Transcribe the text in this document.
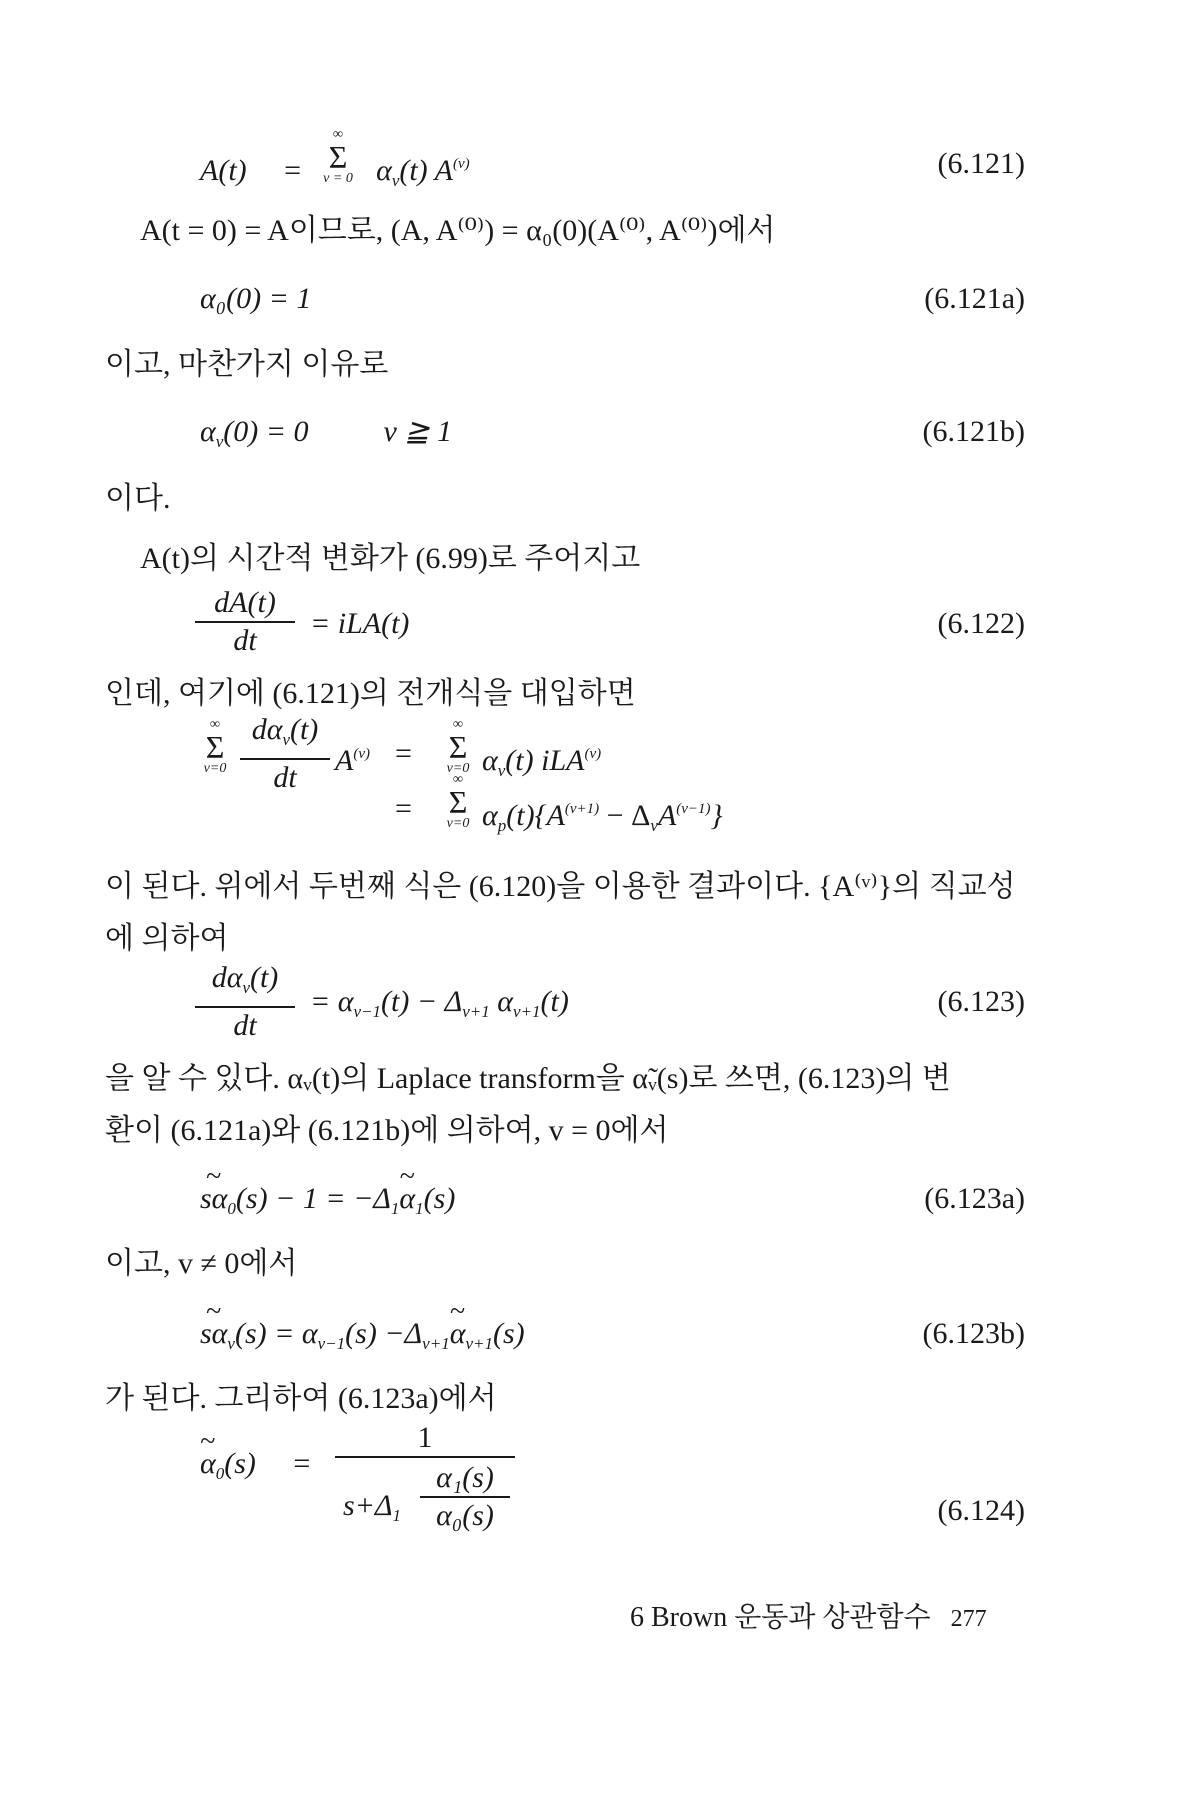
A(t) =	$\alpha_v(t)$ $A^{(v)}$
∞
Σ
v = 0	(6.121)
A(t = 0) = A이므로, (A, A⁽⁰⁾) = α₀(0)(A⁽⁰⁾, A⁽⁰⁾)에서
α₀(0) = 1	(6.121a)
이고, 마찬가지 이유로
$\alpha_v(0) = 0$	v ≧ 1	(6.121b)
이다.
A(t)의 시간적 변화가 (6.99)로 주어지고
$\frac{dA(t)}{dt} = iLA(t)$	(6.122)
인데, 여기에 (6.121)의 전개식을 대입하면
∞
Σ
v=0
$d\alpha_v(t)$
dt
$A^{(v)}$ =
∞
Σ
v=0 $\alpha_v(t)$ iLA$^{(v)}$
=
∞
Σ
v=0 $\alpha_p(t)\{A^{(v+1)} - \Delta_vA^{(v-1)}\}$
이 된다. 위에서 두번째 식은 (6.120)을 이용한 결과이다. {A⁽ᵛ⁾}의 직교성
에 의하여
$d\alpha_v(t)$
dt
= $\alpha_{v-1}(t) - \Delta_{v+1}$ $\alpha_{v+1}(t)$	(6.123)
을 알 수 있다. αᵥ(t)의 Laplace transform을 α̃ᵥ(s)로 쓰면, (6.123)의 변
환이 (6.121a)와 (6.121b)에 의하여, v = 0에서
~ $s\alpha_0(s) - 1$ = $-\Delta_1\sim$ $\alpha_1(s)$	(6.123a)
이고, v ≠ 0에서
~ $s\alpha_v(s) = \alpha_{v-1}(s)$ $-\Delta_{v+1}\sim$ $\alpha_{v+1}(s)$	(6.123b)
가 된다. 그리하여 (6.123a)에서
~ $\alpha_0(s) = \frac{1}{s+\Delta_1 \frac{\text{α₁(s)}}{\text{α₀(s)}}}$	(6.124)
6 Brown 운동과 상관함수 277
